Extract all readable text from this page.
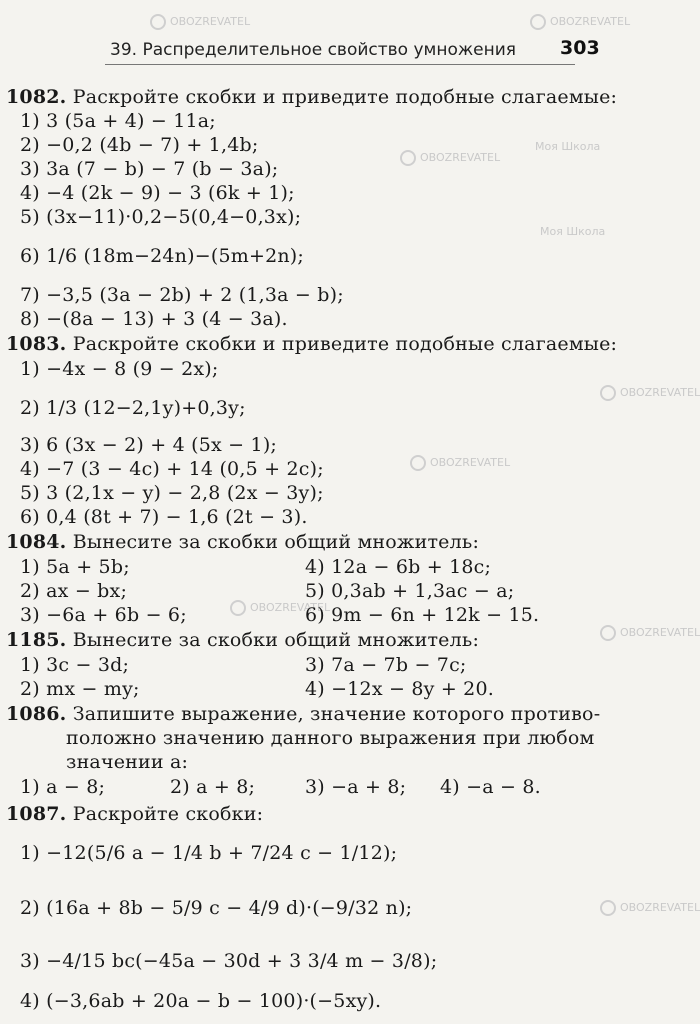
39. Распределительное свойство умножения 303
OBOZREVATEL	OBOZREVATEL
Моя Школа
OBOZREVATEL
Моя Школа
OBOZREVATEL
OBOZREVATEL
OBOZREVATEL
OBOZREVATEL
OBOZREVATEL
1082. Раскройте скобки и приведите подобные слагаемые:
1) 3 (5a + 4) − 11a;
2) −0,2 (4b − 7) + 1,4b;
3) 3a (7 − b) − 7 (b − 3a);
4) −4 (2k − 9) − 3 (6k + 1);
5) (3x−11)·0,2−5(0,4−0,3x);
6) 1/6 (18m−24n)−(5m+2n);
7) −3,5 (3a − 2b) + 2 (1,3a − b);
8) −(8a − 13) + 3 (4 − 3a).
1083. Раскройте скобки и приведите подобные слагаемые:
1) −4x − 8 (9 − 2x);
2) 1/3 (12−2,1y)+0,3y;
3) 6 (3x − 2) + 4 (5x − 1);
4) −7 (3 − 4c) + 14 (0,5 + 2c);
5) 3 (2,1x − y) − 2,8 (2x − 3y);
6) 0,4 (8t + 7) − 1,6 (2t − 3).
1084. Вынесите за скобки общий множитель:
1) 5a + 5b;	4) 12a − 6b + 18c;
2) ax − bx;	5) 0,3ab + 1,3ac − a;
3) −6a + 6b − 6;	6) 9m − 6n + 12k − 15.
1185. Вынесите за скобки общий множитель:
1) 3c − 3d;	3) 7a − 7b − 7c;
2) mx − my;	4) −12x − 8y + 20.
1086. Запишите выражение, значение которого противо-
положно значению данного выражения при любом
значении a:
1) a − 8;	2) a + 8;	3) −a + 8; 4) −a − 8.
1087. Раскройте скобки:
1) −12(5/6 a − 1/4 b + 7/24 c − 1/12);
2) (16a + 8b − 5/9 c − 4/9 d)·(−9/32 n);
3) −4/15 bc(−45a − 30d + 3 3/4 m − 3/8);
4) (−3,6ab + 20a − b − 100)·(−5xy).
